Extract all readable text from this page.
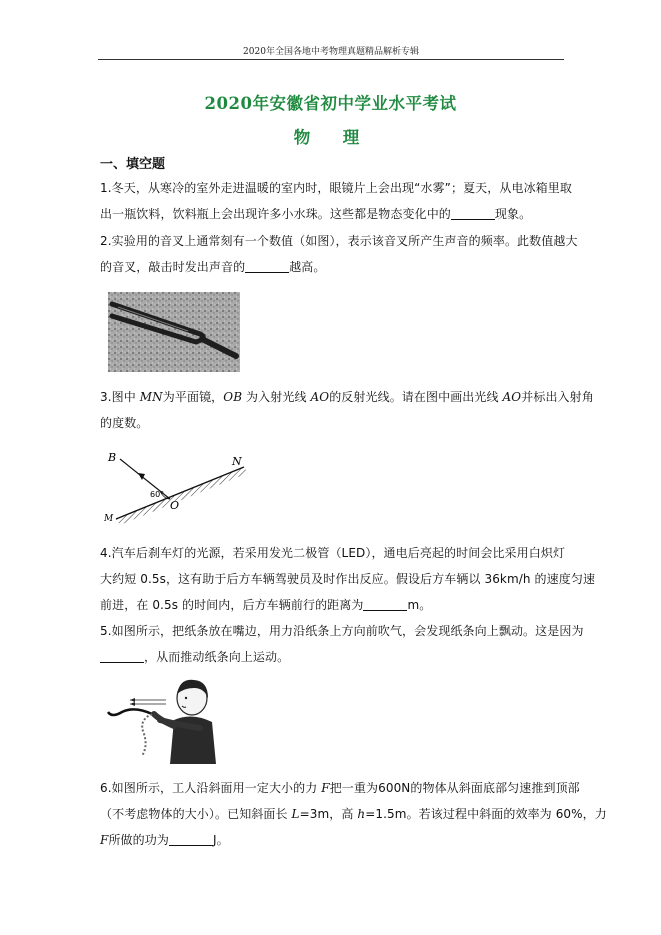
2020年全国各地中考物理真题精品解析专辑
2020年安徽省初中学业水平考试
物　理
一、填空题

1.冬天，从寒冷的室外走进温暖的室内时，眼镜片上会出现“水雾”；夏天，从电冰箱里取

出一瓶饮料，饮料瓶上会出现许多小水珠。这些都是物态变化中的	现象。

2.实验用的音叉上通常刻有一个数值（如图），表示该音叉所产生声音的频率。此数值越大

的音叉，敲击时发出声音的	越高。

3.图中 MN为平面镜，OB 为入射光线 AO的反射光线。请在图中画出光线 AO并标出入射角

的度数。

B	N
M
O
60°

4.汽车后刹车灯的光源，若采用发光二极管（LED），通电后亮起的时间会比采用白炽灯

大约短 0.5s，这有助于后方车辆驾驶员及时作出反应。假设后方车辆以 36km/h 的速度匀速

前进，在 0.5s 的时间内，后方车辆前行的距离为	m。

5.如图所示，把纸条放在嘴边，用力沿纸条上方向前吹气，会发现纸条向上飘动。这是因为

，从而推动纸条向上运动。

6.如图所示，工人沿斜面用一定大小的力 F把一重为600N的物体从斜面底部匀速推到顶部

（不考虑物体的大小）。已知斜面长 L=3m，高 h=1.5m。若该过程中斜面的效率为 60%，力

F所做的功为	J。
